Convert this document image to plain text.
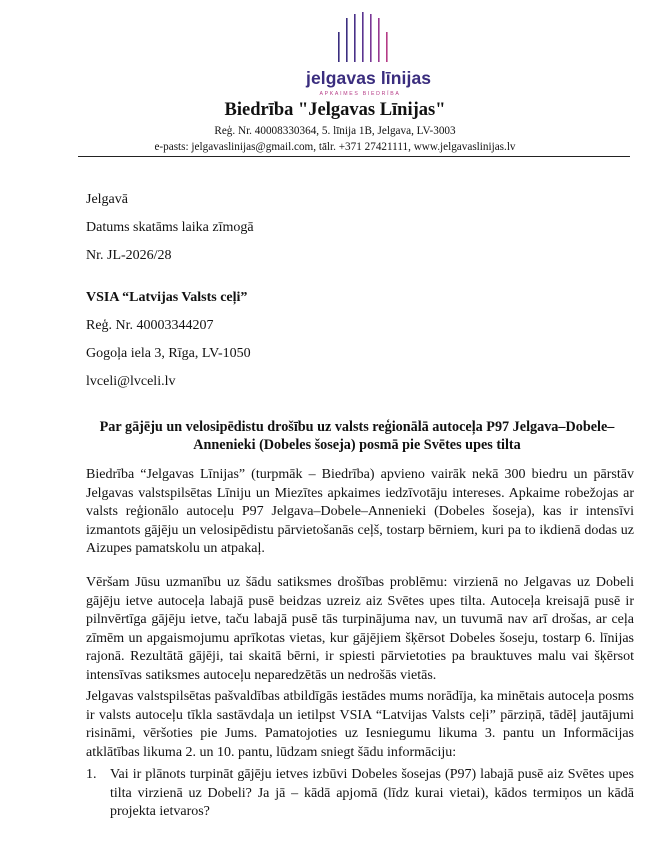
jelgavas līnijas
APKAIMES BIEDRĪBA
Biedrība "Jelgavas Līnijas"
Reģ. Nr. 40008330364, 5. līnija 1B, Jelgava, LV-3003
e-pasts: jelgavaslinijas@gmail.com, tālr. +371 27421111, www.jelgavaslinijas.lv
Jelgavā
Datums skatāms laika zīmogā
Nr. JL-2026/28
VSIA “Latvijas Valsts ceļi”
Reģ. Nr. 40003344207
Gogoļa iela 3, Rīga, LV-1050
lvceli@lvceli.lv
Par gājēju un velosipēdistu drošību uz valsts reģionālā autoceļa P97 Jelgava–Dobele–Annenieki (Dobeles šoseja) posmā pie Svētes upes tilta
Biedrība “Jelgavas Līnijas” (turpmāk – Biedrība) apvieno vairāk nekā 300 biedru un pārstāv Jelgavas valstspilsētas Līniju un Miezītes apkaimes iedzīvotāju intereses. Apkaime robežojas ar valsts reģionālo autoceļu P97 Jelgava–Dobele–Annenieki (Dobeles šoseja), kas ir intensīvi izmantots gājēju un velosipēdistu pārvietošanās ceļš, tostarp bērniem, kuri pa to ikdienā dodas uz Aizupes pamatskolu un atpakaļ.
Vēršam Jūsu uzmanību uz šādu satiksmes drošības problēmu: virzienā no Jelgavas uz Dobeli gājēju ietve autoceļa labajā pusē beidzas uzreiz aiz Svētes upes tilta. Autoceļa kreisajā pusē ir pilnvērtīga gājēju ietve, taču labajā pusē tās turpinājuma nav, un tuvumā nav arī drošas, ar ceļa zīmēm un apgaismojumu aprīkotas vietas, kur gājējiem šķērsot Dobeles šoseju, tostarp 6. līnijas rajonā. Rezultātā gājēji, tai skaitā bērni, ir spiesti pārvietoties pa brauktuves malu vai šķērsot intensīvas satiksmes autoceļu neparedzētās un nedrošās vietās.
Jelgavas valstspilsētas pašvaldības atbildīgās iestādes mums norādīja, ka minētais autoceļa posms ir valsts autoceļu tīkla sastāvdaļa un ietilpst VSIA “Latvijas Valsts ceļi” pārziņā, tādēļ jautājumi risināmi, vēršoties pie Jums. Pamatojoties uz Iesniegumu likuma 3. pantu un Informācijas atklātības likuma 2. un 10. pantu, lūdzam sniegt šādu informāciju:
1. Vai ir plānots turpināt gājēju ietves izbūvi Dobeles šosejas (P97) labajā pusē aiz Svētes upes tilta virzienā uz Dobeli? Ja jā – kādā apjomā (līdz kurai vietai), kādos termiņos un kādā projekta ietvaros?
